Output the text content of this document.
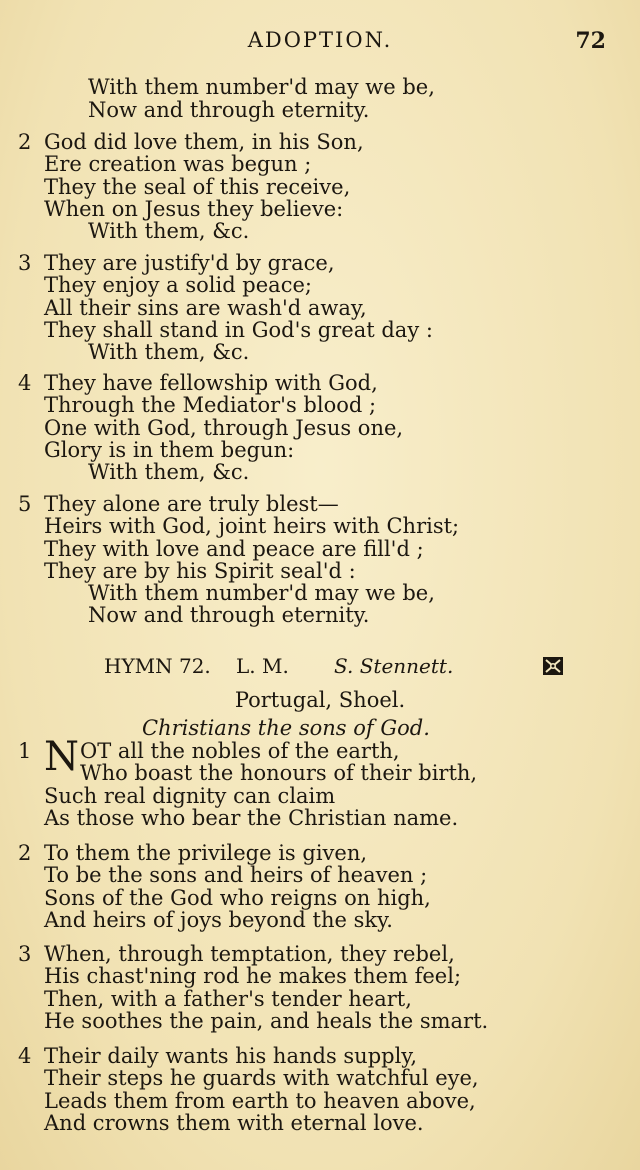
ADOPTION.	72
With them number'd may we be,
Now and through eternity.
2 God did love them, in his Son,
Ere creation was begun ;
They the seal of this receive,
When on Jesus they believe:
With them, &c.
3 They are justify'd by grace,
They enjoy a solid peace;
All their sins are wash'd away,
They shall stand in God's great day :
With them, &c.
4 They have fellowship with God,
Through the Mediator's blood ;
One with God, through Jesus one,
Glory is in them begun:
With them, &c.
5 They alone are truly blest—
Heirs with God, joint heirs with Christ;
They with love and peace are fill'd ;
They are by his Spirit seal'd :
With them number'd may we be,
Now and through eternity.
HYMN 72. L. M. S. Stennett.
Portugal, Shoel.
Christians the sons of God.
1 N OT all the nobles of the earth,
Who boast the honours of their birth,
Such real dignity can claim
As those who bear the Christian name.
2 To them the privilege is given,
To be the sons and heirs of heaven ;
Sons of the God who reigns on high,
And heirs of joys beyond the sky.
3 When, through temptation, they rebel,
His chast'ning rod he makes them feel;
Then, with a father's tender heart,
He soothes the pain, and heals the smart.
4 Their daily wants his hands supply,
Their steps he guards with watchful eye,
Leads them from earth to heaven above,
And crowns them with eternal love.
